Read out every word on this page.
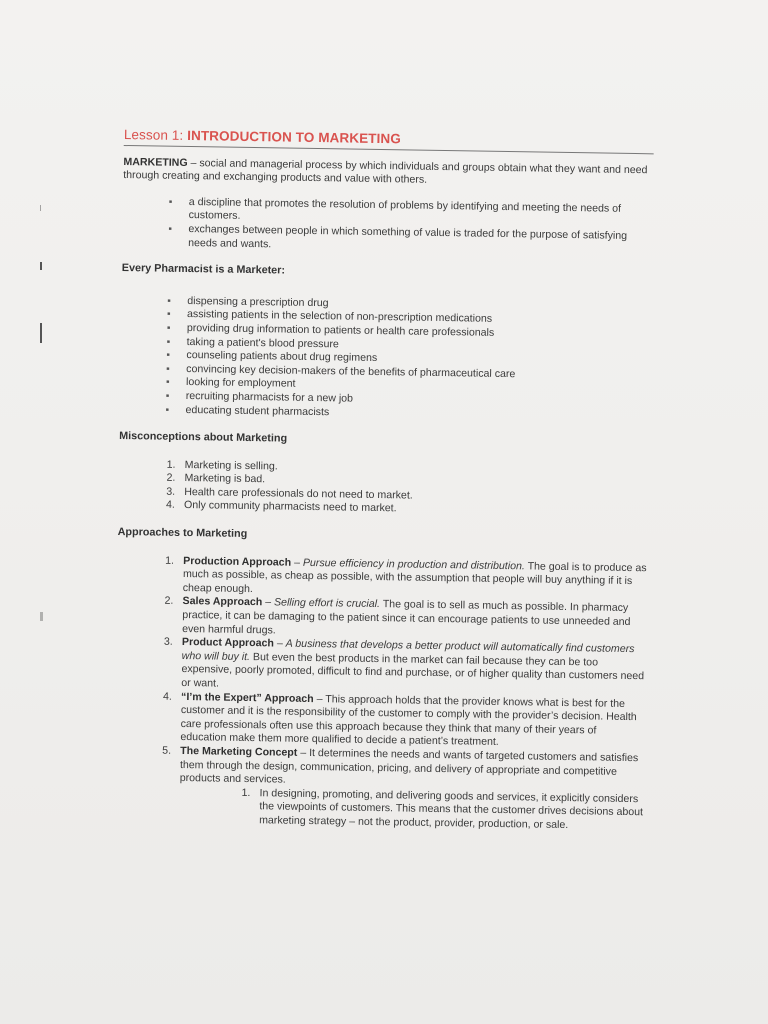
Lesson 1: INTRODUCTION TO MARKETING

MARKETING – social and managerial process by which individuals and groups obtain what they want and need through creating and exchanging products and value with others.

▪ a discipline that promotes the resolution of problems by identifying and meeting the needs of customers.
▪ exchanges between people in which something of value is traded for the purpose of satisfying needs and wants.

Every Pharmacist is a Marketer:

▪ dispensing a prescription drug
▪ assisting patients in the selection of non-prescription medications
▪ providing drug information to patients or health care professionals
▪ taking a patient's blood pressure
▪ counseling patients about drug regimens
▪ convincing key decision-makers of the benefits of pharmaceutical care
▪ looking for employment
▪ recruiting pharmacists for a new job
▪ educating student pharmacists

Misconceptions about Marketing

1. Marketing is selling.
2. Marketing is bad.
3. Health care professionals do not need to market.
4. Only community pharmacists need to market.

Approaches to Marketing

1. Production Approach – Pursue efficiency in production and distribution. The goal is to produce as much as possible, as cheap as possible, with the assumption that people will buy anything if it is cheap enough.
2. Sales Approach – Selling effort is crucial. The goal is to sell as much as possible. In pharmacy practice, it can be damaging to the patient since it can encourage patients to use unneeded and even harmful drugs.
3. Product Approach – A business that develops a better product will automatically find customers who will buy it. But even the best products in the market can fail because they can be too expensive, poorly promoted, difficult to find and purchase, or of higher quality than customers need or want.
4. “I’m the Expert” Approach – This approach holds that the provider knows what is best for the customer and it is the responsibility of the customer to comply with the provider’s decision. Health care professionals often use this approach because they think that many of their years of education make them more qualified to decide a patient’s treatment.
5. The Marketing Concept – It determines the needs and wants of targeted customers and satisfies them through the design, communication, pricing, and delivery of appropriate and competitive products and services.
1. In designing, promoting, and delivering goods and services, it explicitly considers the viewpoints of customers. This means that the customer drives decisions about marketing strategy – not the product, provider, production, or sale.
